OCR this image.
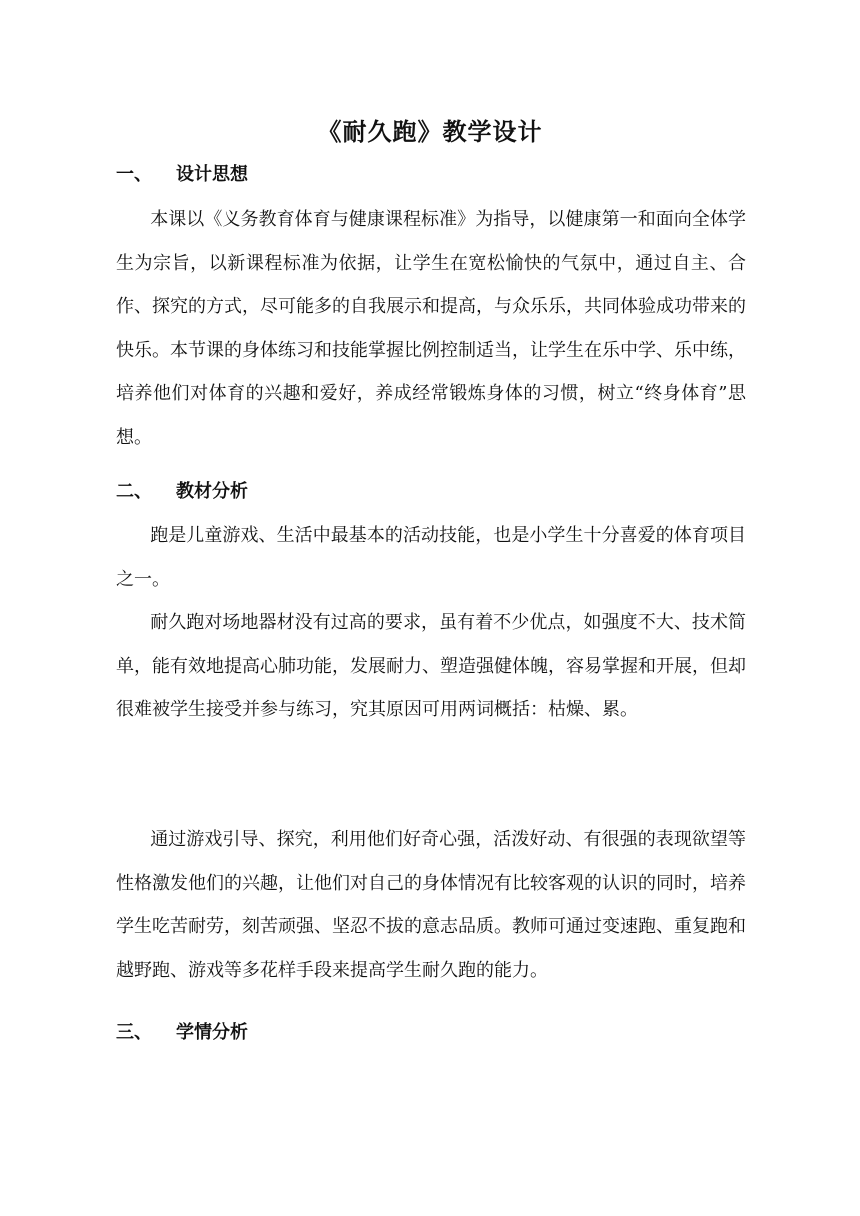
《耐久跑》教学设计
一、 设计思想
本课以《义务教育体育与健康课程标准》为指导，以健康第一和面向全体学生为宗旨，以新课程标准为依据，让学生在宽松愉快的气氛中，通过自主、合作、探究的方式，尽可能多的自我展示和提高，与众乐乐，共同体验成功带来的快乐。本节课的身体练习和技能掌握比例控制适当，让学生在乐中学、乐中练，培养他们对体育的兴趣和爱好，养成经常锻炼身体的习惯，树立“终身体育”思想。
二、 教材分析
跑是儿童游戏、生活中最基本的活动技能，也是小学生十分喜爱的体育项目之一。
耐久跑对场地器材没有过高的要求，虽有着不少优点，如强度不大、技术简单，能有效地提高心肺功能，发展耐力、塑造强健体魄，容易掌握和开展，但却很难被学生接受并参与练习，究其原因可用两词概括：枯燥、累。
通过游戏引导、探究，利用他们好奇心强，活泼好动、有很强的表现欲望等性格激发他们的兴趣，让他们对自己的身体情况有比较客观的认识的同时，培养学生吃苦耐劳，刻苦顽强、坚忍不拔的意志品质。教师可通过变速跑、重复跑和越野跑、游戏等多花样手段来提高学生耐久跑的能力。
三、 学情分析
